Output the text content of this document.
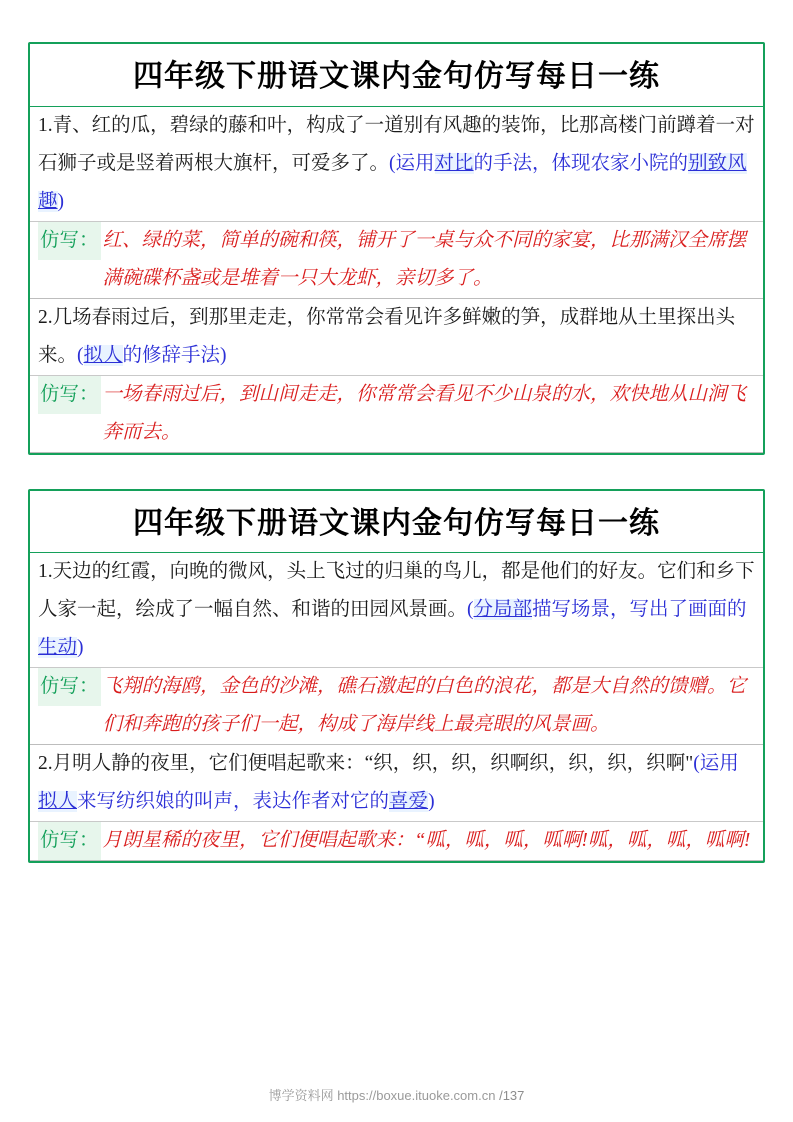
四年级下册语文课内金句仿写每日一练
1.青、红的瓜，碧绿的藤和叶，构成了一道别有风趣的装饰，比那高楼门前蹲着一对石狮子或是竖着两根大旗杆，可爱多了。(运用对比的手法，体现农家小院的别致风趣)
仿写： 红、绿的菜，简单的碗和筷，铺开了一桌与众不同的家宴，比那满汉全席摆满碗碟杯盏或是堆着一只大龙虾，亲切多了。
2.几场春雨过后，到那里走走，你常常会看见许多鲜嫩的笋，成群地从土里探出头来。(拟人的修辞手法)
仿写： 一场春雨过后，到山间走走，你常常会看见不少山泉的水，欢快地从山涧飞奔而去。
四年级下册语文课内金句仿写每日一练
1.天边的红霞，向晚的微风，头上飞过的归巢的鸟儿，都是他们的好友。它们和乡下人家一起，绘成了一幅自然、和谐的田园风景画。(分局部描写场景，写出了画面的生动)
仿写： 飞翔的海鸥，金色的沙滩，礁石激起的白色的浪花，都是大自然的馈赠。它们和奔跑的孩子们一起，构成了海岸线上最亮眼的风景画。
2.月明人静的夜里，它们便唱起歌来：“织，织，织，织啊织，织，织，织啊"(运用拟人来写纺织娘的叫声，表达作者对它的喜爱)
仿写： 月朗星稀的夜里，它们便唱起歌来：“呱，呱，呱，呱啊!呱，呱，呱，呱啊!
博学资料网 https://boxue.ituoke.com.cn /137
